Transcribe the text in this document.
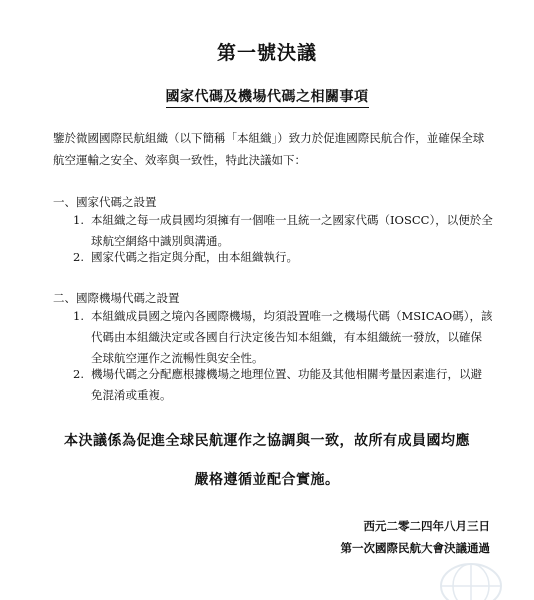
第一號決議
國家代碼及機場代碼之相關事項
鑒於微國國際民航組織（以下簡稱「本組織」）致力於促進國際民航合作，並確保全球航空運輸之安全、效率與一致性，特此決議如下：
一、國家代碼之設置
1. 本組織之每一成員國均須擁有一個唯一且統一之國家代碼（IOSCC），以便於全球航空網絡中識別與溝通。
2. 國家代碼之指定與分配，由本組織執行。
二、國際機場代碼之設置
1. 本組織成員國之境內各國際機場，均須設置唯一之機場代碼（MSICAO碼），該代碼由本組織決定或各國自行決定後告知本組織，有本組織統一發放，以確保全球航空運作之流暢性與安全性。
2. 機場代碼之分配應根據機場之地理位置、功能及其他相關考量因素進行，以避免混淆或重複。
本決議係為促進全球民航運作之協調與一致，故所有成員國均應
嚴格遵循並配合實施。
西元二零二四年八月三日
第一次國際民航大會決議通過
